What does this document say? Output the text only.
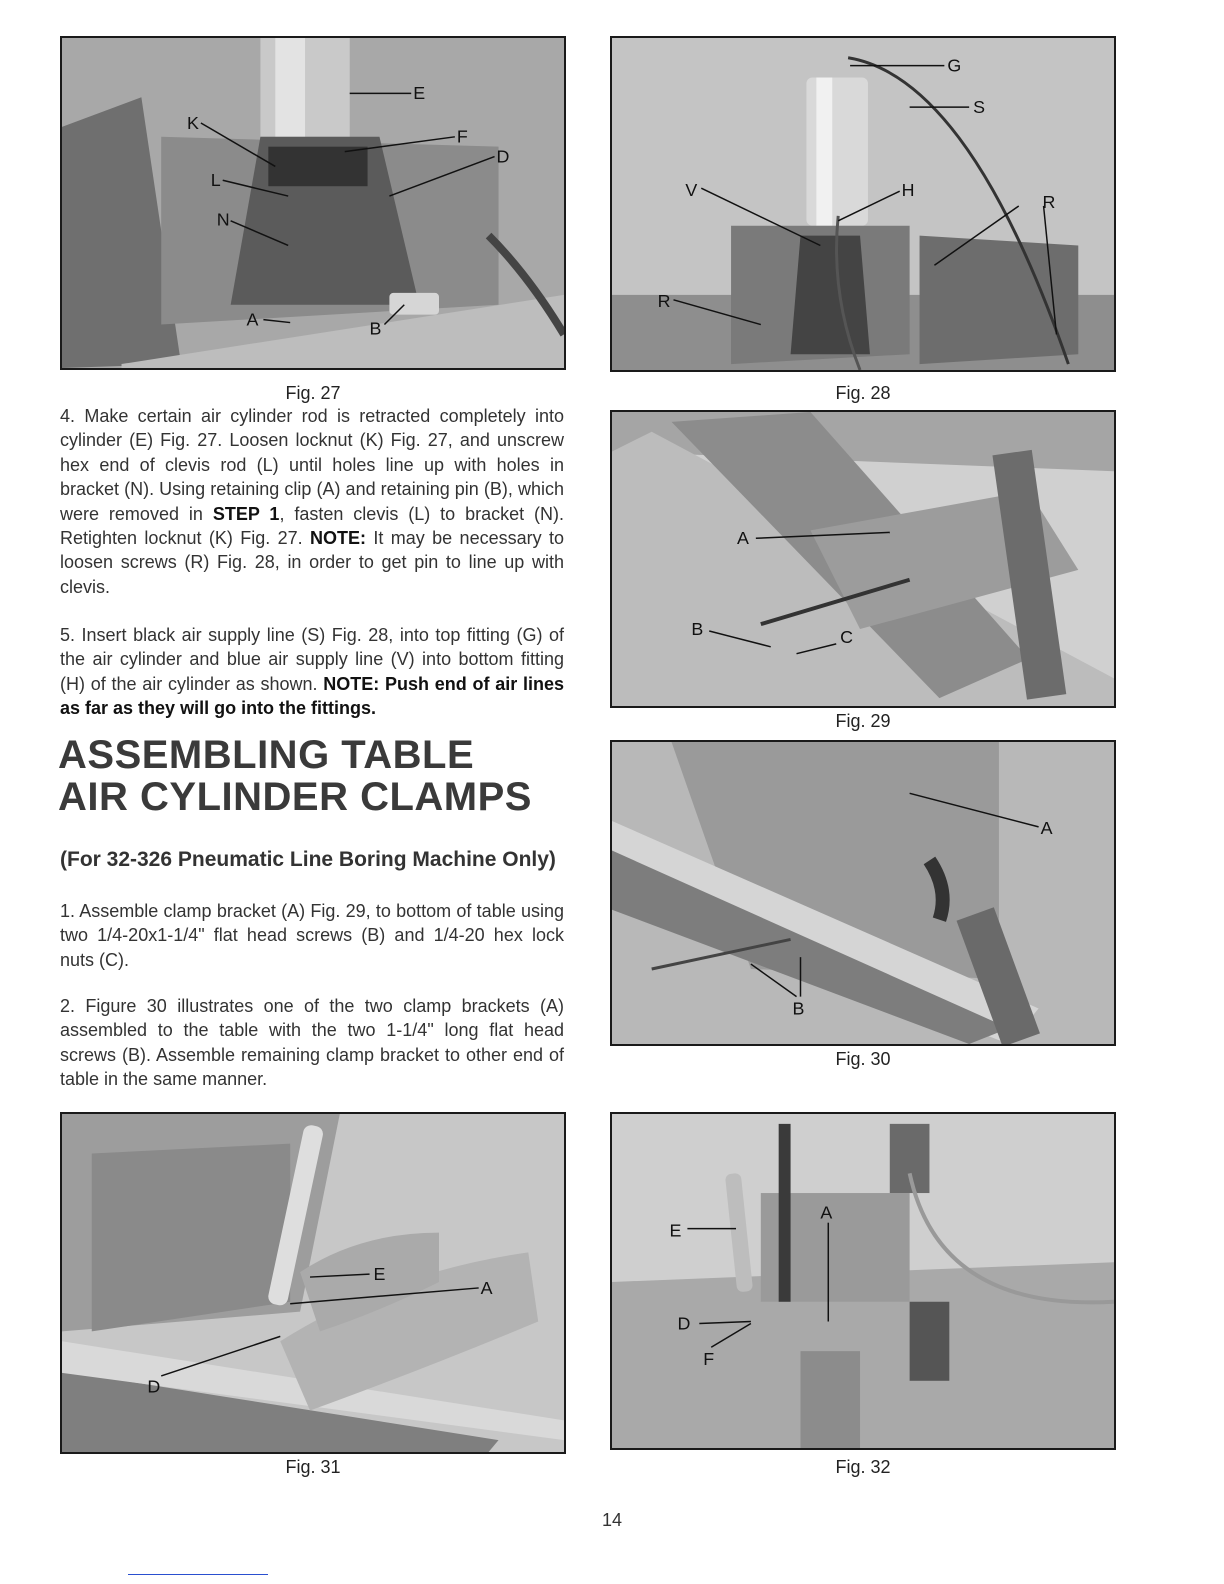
E
K
F
D
L
N
A	B
Fig. 27
G
S
V	H
R
R
Fig. 28
A
B	C
Fig. 29
A
B
Fig. 30
E
A
D
Fig. 31
E
A
D
F
Fig. 32

4. Make certain air cylinder rod is retracted completely into cylinder (E) Fig. 27. Loosen locknut (K) Fig. 27, and unscrew hex end of clevis rod (L) until holes line up with holes in bracket (N). Using retaining clip (A) and retaining pin (B), which were removed in STEP 1, fasten clevis (L) to bracket (N). Retighten locknut (K) Fig. 27. NOTE: It may be necessary to loosen screws (R) Fig. 28, in order to get pin to line up with clevis.

5. Insert black air supply line (S) Fig. 28, into top fitting (G) of the air cylinder and blue air supply line (V) into bottom fitting (H) of the air cylinder as shown. NOTE: Push end of air lines as far as they will go into the fittings.

ASSEMBLING TABLE
AIR CYLINDER CLAMPS
(For 32-326 Pneumatic Line Boring Machine Only)

1. Assemble clamp bracket (A) Fig. 29, to bottom of table using two 1/4-20x1-1/4" flat head screws (B) and 1/4-20 hex lock nuts (C).

2. Figure 30 illustrates one of the two clamp brackets (A) assembled to the table with the two 1-1/4" long flat head screws (B). Assemble remaining clamp bracket to other end of table in the same manner.

14
